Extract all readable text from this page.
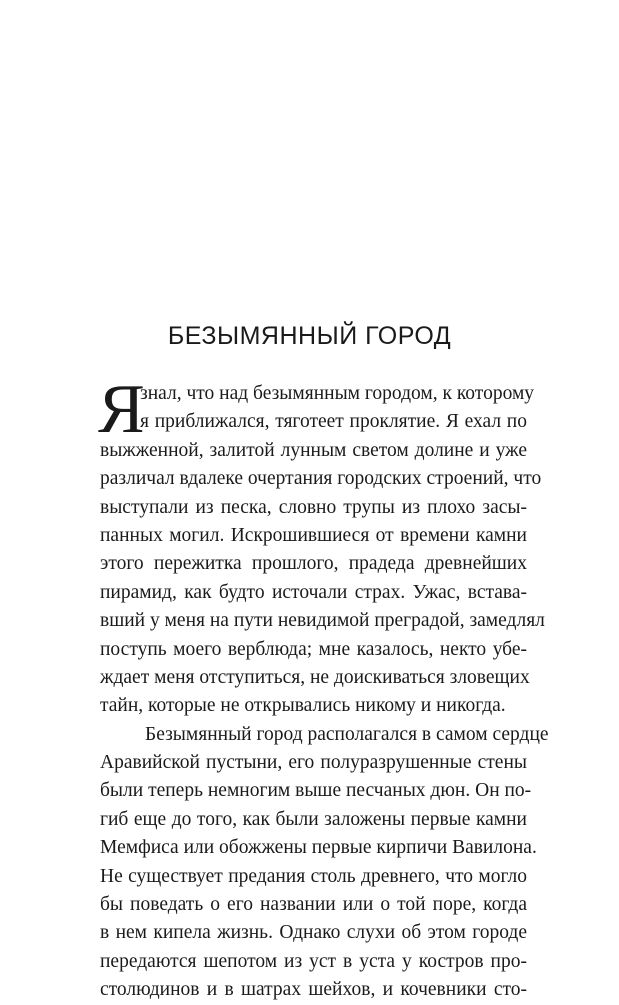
БЕЗЫМЯННЫЙ ГОРОД
Я
знал, что над безымянным городом, к которому
я приближался, тяготеет проклятие. Я ехал по
выжженной, залитой лунным светом долине и уже
различал вдалеке очертания городских строений, что
выступали из песка, словно трупы из плохо засы-
панных могил. Искрошившиеся от времени камни
этого пережитка прошлого, прадеда древнейших
пирамид, как будто источали страх. Ужас, встава-
вший у меня на пути невидимой преградой, замедлял
поступь моего верблюда; мне казалось, некто убе-
ждает меня отступиться, не доискиваться зловещих
тайн, которые не открывались никому и никогда.
Безымянный город располагался в самом сердце
Аравийской пустыни, его полуразрушенные стены
были теперь немногим выше песчаных дюн. Он по-
гиб еще до того, как были заложены первые камни
Мемфиса или обожжены первые кирпичи Вавилона.
Не существует предания столь древнего, что могло
бы поведать о его названии или о той поре, когда
в нем кипела жизнь. Однако слухи об этом городе
передаются шепотом из уст в уста у костров про-
столюдинов и в шатрах шейхов, и кочевники сто-
